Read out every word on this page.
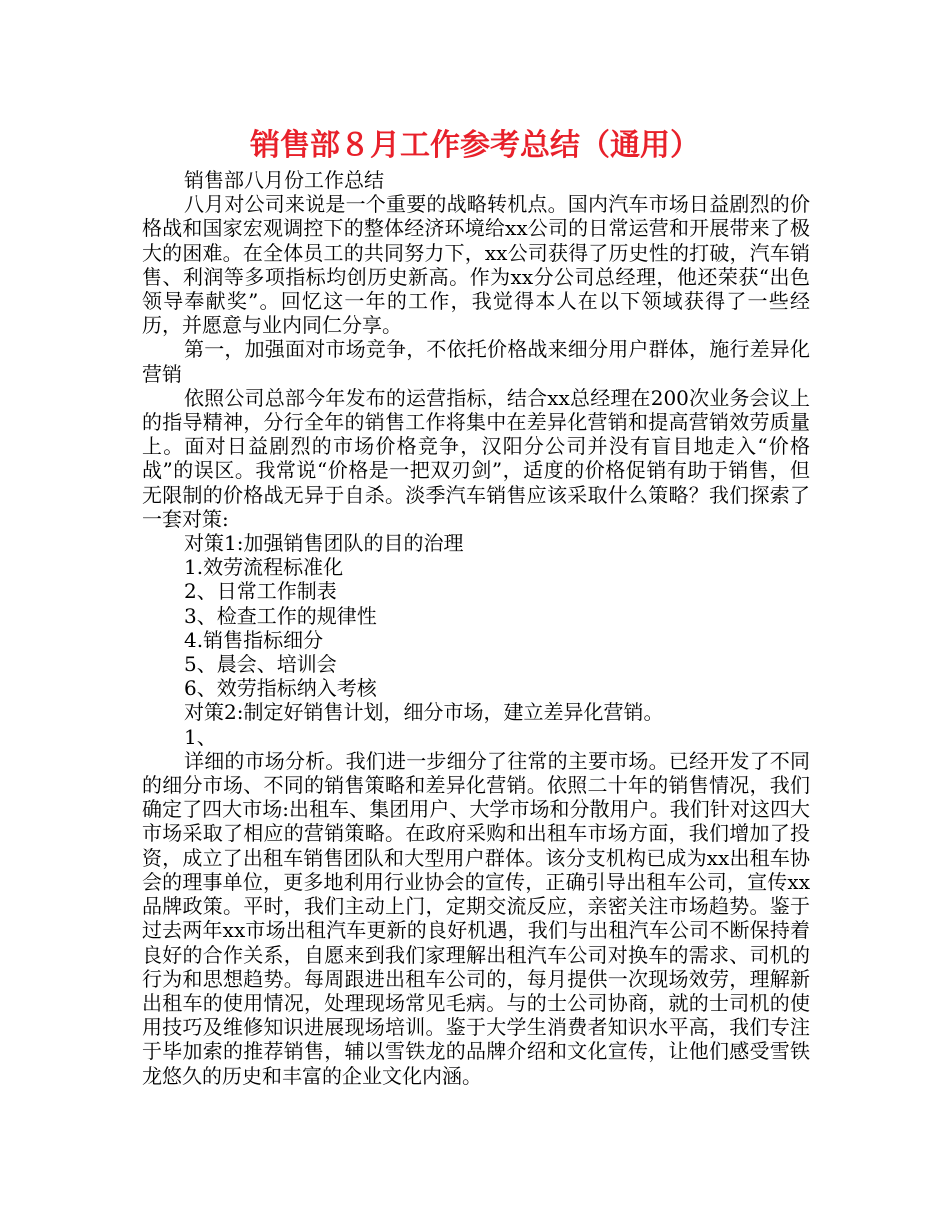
销售部８月工作参考总结（通用）

销售部八月份工作总结

八月对公司来说是一个重要的战略转机点。国内汽车市场日益剧烈的价格战和国家宏观调控下的整体经济环境给xx公司的日常运营和开展带来了极大的困难。在全体员工的共同努力下，xx公司获得了历史性的打破，汽车销售、利润等多项指标均创历史新高。作为xx分公司总经理，他还荣获“出色领导奉献奖”。回忆这一年的工作，我觉得本人在以下领域获得了一些经历，并愿意与业内同仁分享。

第一，加强面对市场竞争，不依托价格战来细分用户群体，施行差异化营销

依照公司总部今年发布的运营指标，结合xx总经理在200次业务会议上的指导精神，分行全年的销售工作将集中在差异化营销和提高营销效劳质量上。面对日益剧烈的市场价格竞争，汉阳分公司并没有盲目地走入“价格战”的误区。我常说“价格是一把双刃剑”，适度的价格促销有助于销售，但无限制的价格战无异于自杀。淡季汽车销售应该采取什么策略？我们探索了一套对策:

对策1:加强销售团队的目的治理

1.效劳流程标准化

2、日常工作制表

3、检查工作的规律性

4.销售指标细分

5、晨会、培训会

6、效劳指标纳入考核

对策2:制定好销售计划，细分市场，建立差异化营销。

1、

详细的市场分析。我们进一步细分了往常的主要市场。已经开发了不同的细分市场、不同的销售策略和差异化营销。依照二十年的销售情况，我们确定了四大市场:出租车、集团用户、大学市场和分散用户。我们针对这四大市场采取了相应的营销策略。在政府采购和出租车市场方面，我们增加了投资，成立了出租车销售团队和大型用户群体。该分支机构已成为xx出租车协会的理事单位，更多地利用行业协会的宣传，正确引导出租车公司，宣传xx品牌政策。平时，我们主动上门，定期交流反应，亲密关注市场趋势。鉴于过去两年xx市场出租汽车更新的良好机遇，我们与出租汽车公司不断保持着良好的合作关系，自愿来到我们家理解出租汽车公司对换车的需求、司机的行为和思想趋势。每周跟进出租车公司的，每月提供一次现场效劳，理解新出租车的使用情况，处理现场常见毛病。与的士公司协商，就的士司机的使用技巧及维修知识进展现场培训。鉴于大学生消费者知识水平高，我们专注于毕加索的推荐销售，辅以雪铁龙的品牌介绍和文化宣传，让他们感受雪铁龙悠久的历史和丰富的企业文化内涵。
